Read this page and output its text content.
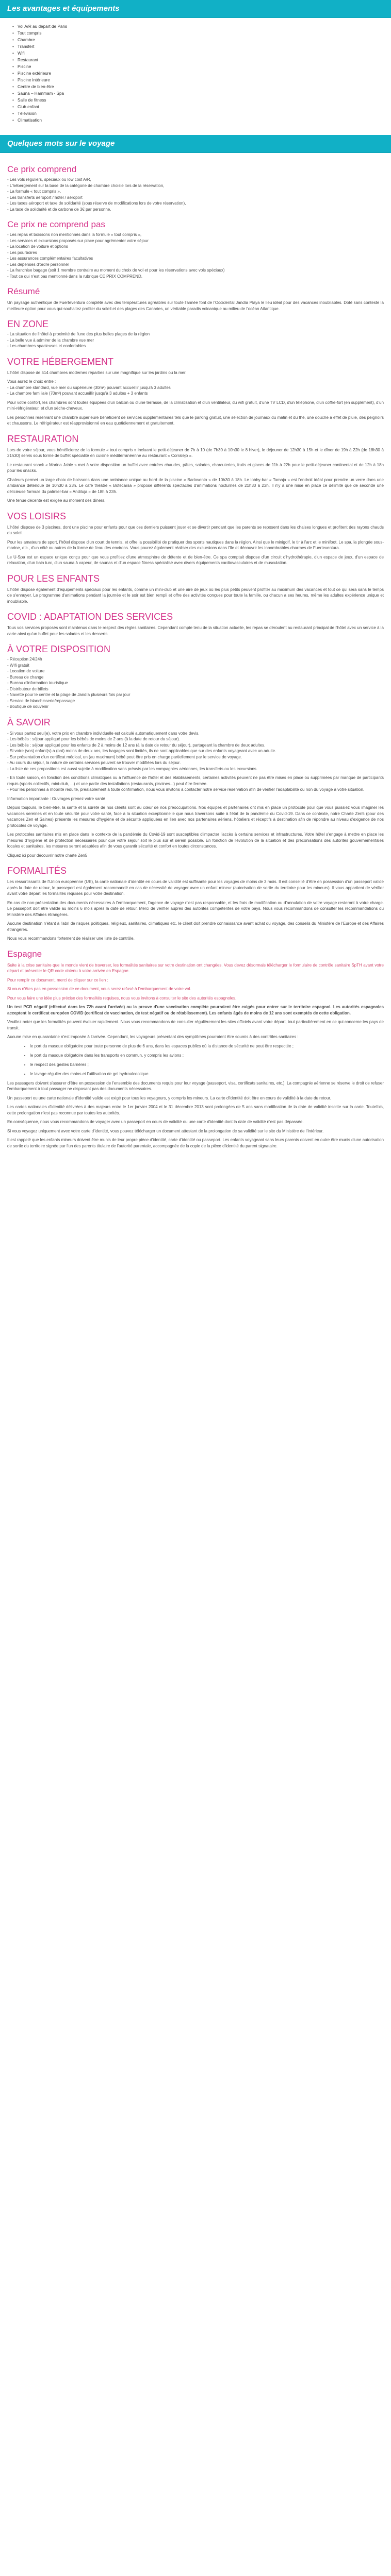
Les avantages et équipements
• Vol A/R au départ de Paris
• Tout compris
• Chambre
• Transfert
• Wifi
• Restaurant
• Piscine
• Piscine extérieure
• Piscine intérieure
• Centre de bien-être
• Sauna – Hammam - Spa
• Salle de fitness
• Club enfant
• Télévision
• Climatisation
Quelques mots sur le voyage
Ce prix comprend

- Les vols réguliers, spéciaux ou low cost A/R,

- L'hébergement sur la base de la catégorie de chambre choisie lors de la réservation,

- La formule « tout compris »,

- Les transferts aéroport / hôtel / aéroport

- Les taxes aéroport et taxe de solidarité (sous réserve de modifications lors de votre réservation),

- La taxe de solidarité et de carbone de 3€ par personne.

Ce prix ne comprend pas

- Les repas et boissons non mentionnés dans la formule « tout compris »,

- Les services et excursions proposés sur place pour agrémenter votre séjour

- La location de voiture et options

- Les pourboires

- Les assurances complémentaires facultatives

- Les dépenses d'ordre personnel

- La franchise bagage (soit 1 membre contraire au moment du choix de vol et pour les réservations avec vols spéciaux)

- Tout ce qui n'est pas mentionné dans la rubrique CE PRIX COMPREND.

Résumé

Un paysage authentique de Fuerteventura complété avec des températures agréables sur toute l'année font de l'Occidental Jandía Playa le lieu idéal pour des vacances inoubliables. Doté sans conteste la meilleure option pour vous qui souhaitez profiter du soleil et des plages des Canaries, un véritable paradis volcanique au milieu de l'océan Atlantique.

EN ZONE

- La situation de l'hôtel à proximité de l'une des plus belles plages de la région

- La belle vue à admirer de la chambre vue mer

- Les chambres spacieuses et confortables

VOTRE HÉBERGEMENT

L'hôtel dispose de 514 chambres modernes réparties sur une magnifique sur les jardins ou la mer.

Vous aurez le choix entre :
- La chambre standard, vue mer ou supérieure (30m²) pouvant accueillir jusqu'à 3 adultes
- La chambre familiale (70m²) pouvant accueillir jusqu'à 3 adultes + 3 enfants

Pour votre confort, les chambres sont toutes équipées d'un balcon ou d'une terrasse, de la climatisation et d'un ventilateur, du wifi gratuit, d'une TV LCD, d'un téléphone, d'un coffre-fort (en supplément), d'un mini-réfrigérateur, et d'un sèche-cheveux.

Les personnes réservant une chambre supérieure bénéficient de services supplémentaires tels que le parking gratuit, une sélection de journaux du matin et du thé, une douche à effet de pluie, des peignoirs et chaussons. Le réfrigérateur est réapprovisionné en eau quotidiennement et gratuitement.

RESTAURATION

Lors de votre séjour, vous bénéficierez de la formule « tout compris » incluant le petit-déjeuner de 7h à 10 (de 7h30 à 10h30 le 8 hiver), le déjeuner de 12h30 à 15h et le dîner de 19h à 22h (de 18h30 à 21h30) servis sous forme de buffet spécialité en cuisine méditerranéenne au restaurant « Corralejo ».

Le restaurant snack « Marina Jable » met à votre disposition un buffet avec entrées chaudes, pâtes, salades, charcuteries, fruits et glaces de 11h à 22h pour le petit-déjeuner continental et de 12h à 18h pour les snacks.

Chaleurs permet un large choix de boissons dans une ambiance unique au bord de la piscine « Barlovento » de 10h30 à 18h. Le lobby-bar « Tamaja » est l'endroit idéal pour prendre un verre dans une ambiance détendue de 10h30 à 23h. Le café théâtre « Botecarsa » propose différents spectacles d'animations nocturnes de 21h30 à 23h. Il n'y a une mise en place ce délimité que de seconde une délicieuse formule du palmier-bar « Andiluja » de 18h à 23h.

Une tenue décente est exigée au moment des dîners.

VOS LOISIRS

L'hôtel dispose de 3 piscines, dont une piscine pour enfants pour que ces derniers puissent jouer et se divertir pendant que les parents se reposent dans les chaises longues et profitent des rayons chauds du soleil.

Pour les amateurs de sport, l'hôtel dispose d'un court de tennis, et offre la possibilité de pratiquer des sports nautiques dans la région. Ainsi que le minigolf, le tir à l'arc et le minifoot. Le spa, la plongée sous-marine, etc., d'un côté ou autres de la forme de l'eau des environs. Vous pourez également réaliser des excursions dans l'île et découvrir les innombrables charmes de Fuerteventura.

Le U-Spa est un espace unique conçu pour que vous profitiez d'une atmosphère de détente et de bien-être. Ce spa comptait dispose d'un circuit d'hydrothérapie, d'un espace de jeux, d'un espace de relaxation, d'un bain turc, d'un sauna à vapeur, de saunas et d'un espace fitness spécialisé avec divers équipements cardiovasculaires et de musculation.

POUR LES ENFANTS

L'hôtel dispose également d'équipements spéciaux pour les enfants, comme un mini-club et une aire de jeux où les plus petits peuvent profiter au maximum des vacances et tout ce qui sera sans le temps de s'ennuyer. Le programme d'animations pendant la journée et le soir est bien rempli et offre des activités conçues pour toute la famille, ou chacun a ses heures, même les adultes expérience unique et inoubliable.

COVID : ADAPTATION DES SERVICES

Tous vos services proposés sont maintenus dans le respect des règles sanitaires. Cependant compte tenu de la situation actuelle, les repas se déroulent au restaurant principal de l'hôtel avec un service à la carte ainsi qu'un buffet pour les salades et les desserts.

À VOTRE DISPOSITION

- Réception 24/24h

- Wifi gratuit

- Location de voiture

- Bureau de change

- Bureau d'information touristique

- Distributeur de billets

- Navette pour le centre et la plage de Jandía plusieurs fois par jour

- Service de blanchisserie/repassage

- Boutique de souvenir

À SAVOIR

- Si vous partez seul(e), votre prix en chambre individuelle est calculé automatiquement dans votre devis.
- Les bébés : séjour appliqué pour les bébés de moins de 2 ans (à la date de retour du séjour).
- Les bébés : séjour appliqué pour les enfants de 2 à moins de 12 ans (à la date de retour du séjour), partageant la chambre de deux adultes.
- Si votre (vos) enfant(s) a (ont) moins de deux ans, les bagages sont limités, ils ne sont applicables que sur des enfants voyageant avec un adulte.
- Sur présentation d'un certificat médical, un (au maximum) bébé peut être pris en charge partiellement par le service de voyage.
- Au cours du séjour, la nature de certains services peuvent se trouver modifiées lors du séjour.
- La liste de ces propositions est aussi sujette à modification sans préavis par les compagnies aériennes, les transferts ou les excursions.

- En toute saison, en fonction des conditions climatiques ou à l'affluence de l'hôtel et des établissements, certaines activités peuvent ne pas être mises en place ou supprimées par manque de participants requis (sports collectifs, mini-club, ...) et une partie des installations (restaurants, piscines...) peut être fermée.
- Pour les personnes à mobilité réduite, préalablement à toute confirmation, nous vous invitons à contacter notre service réservation afin de vérifier l'adaptabilité ou non du voyage à votre situation.

Information importante : Ouvrages prenez votre santé

Depuis toujours, le bien-être, la santé et la sûreté de nos clients sont au cœur de nos préoccupations. Nos équipes et partenaires ont mis en place un protocole pour que vous puissiez vous imaginer les vacances sereines et en toute sécurité pour votre santé, face à la situation exceptionnelle que nous traversons suite à l'état de la pandémie du Covid-19. Dans ce contexte, notre Charte Zen5 (pour des vacances Zen et Saines) présente les mesures d'hygiène et de sécurité appliquées en lien avec nos partenaires aériens, hôteliers et réceptifs à destination afin de répondre au niveau d'exigence de nos protocoles de voyage.

Les protocoles sanitaires mis en place dans le contexte de la pandémie du Covid-19 sont susceptibles d'impacter l'accès à certains services et infrastructures. Votre hôtel s'engage à mettre en place les mesures d'hygiène et de protection nécessaires pour que votre séjour soit le plus sûr et serein possible. En fonction de l'évolution de la situation et des préconisations des autorités gouvernementales locales et sanitaires, les mesures seront adaptées afin de vous garantir sécurité et confort en toutes circonstances.

Cliquez ici pour découvrir notre charte Zen5

FORMALITÉS

Les ressortissants de l'Union européenne (UE), la carte nationale d'identité en cours de validité est suffisante pour les voyages de moins de 3 mois. Il est conseillé d'être en possession d'un passeport valide après la date de retour, le passeport est également recommandé en cas de nécessité de voyager avec un enfant mineur (autorisation de sortie du territoire pour les mineurs). Il vous appartient de vérifier avant votre départ les formalités requises pour votre destination.

En cas de non-présentation des documents nécessaires à l'embarquement, l'agence de voyage n'est pas responsable, et les frais de modification ou d'annulation de votre voyage resteront à votre charge. Le passeport doit être valide au moins 6 mois après la date de retour. Merci de vérifier auprès des autorités compétentes de votre pays. Nous vous recommandons de consulter les recommandations du Ministère des Affaires étrangères.

Aucune destination n'étant à l'abri de risques politiques, religieux, sanitaires, climatiques etc. le client doit prendre connaissance avant achat du voyage, des conseils du Ministère de l'Europe et des Affaires étrangères.

Nous vous recommandons fortement de réaliser une liste de contrôle.

Espagne

Suite à la crise sanitaire que le monde vient de traverser, les formalités sanitaires sur votre destination ont changées. Vous devez désormais télécharger le formulaire de contrôle sanitaire SpTH avant votre départ et présenter le QR code obtenu à votre arrivée en Espagne.

Pour remplir ce document, merci de cliquer sur ce lien :

Si vous n'êtes pas en possession de ce document, vous serez refusé à l'embarquement de votre vol.

Pour vous faire une idée plus précise des formalités requises, nous vous invitons à consulter le site des autorités espagnoles.

Un test PCR négatif (effectué dans les 72h avant l'arrivée) ou la preuve d'une vaccination complète pourraient être exigés pour entrer sur le territoire espagnol. Les autorités espagnoles acceptent le certificat européen COVID (certificat de vaccination, de test négatif ou de rétablissement). Les enfants âgés de moins de 12 ans sont exemptés de cette obligation.

Veuillez noter que les formalités peuvent évoluer rapidement. Nous vous recommandons de consulter régulièrement les sites officiels avant votre départ, tout particulièrement en ce qui concerne les pays de transit.

Aucune mise en quarantaine n'est imposée à l'arrivée. Cependant, les voyageurs présentant des symptômes pourraient être soumis à des contrôles sanitaires :

• le port du masque obligatoire pour toute personne de plus de 6 ans, dans les espaces publics où la distance de sécurité ne peut être respectée ;
• le port du masque obligatoire dans les transports en commun, y compris les avions ;
• le respect des gestes barrières ;
• le lavage régulier des mains et l'utilisation de gel hydroalcoolique.

Les passagers doivent s'assurer d'être en possession de l'ensemble des documents requis pour leur voyage (passeport, visa, certificats sanitaires, etc.). La compagnie aérienne se réserve le droit de refuser l'embarquement à tout passager ne disposant pas des documents nécessaires.

Un passeport ou une carte nationale d'identité valide est exigé pour tous les voyageurs, y compris les mineurs. La carte d'identité doit être en cours de validité à la date du retour.

Les cartes nationales d'identité délivrées à des majeurs entre le 1er janvier 2004 et le 31 décembre 2013 sont prolongées de 5 ans sans modification de la date de validité inscrite sur la carte. Toutefois, cette prolongation n'est pas reconnue par toutes les autorités.

En conséquence, nous vous recommandons de voyager avec un passeport en cours de validité ou une carte d'identité dont la date de validité n'est pas dépassée.

Si vous voyagez uniquement avec votre carte d'identité, vous pouvez télécharger un document attestant de la prolongation de sa validité sur le site du Ministère de l'Intérieur.

Il est rappelé que les enfants mineurs doivent être munis de leur propre pièce d'identité, carte d'identité ou passeport. Les enfants voyageant sans leurs parents doivent en outre être munis d'une autorisation de sortie du territoire signée par l'un des parents titulaire de l'autorité parentale, accompagnée de la copie de la pièce d'identité du parent signataire.
